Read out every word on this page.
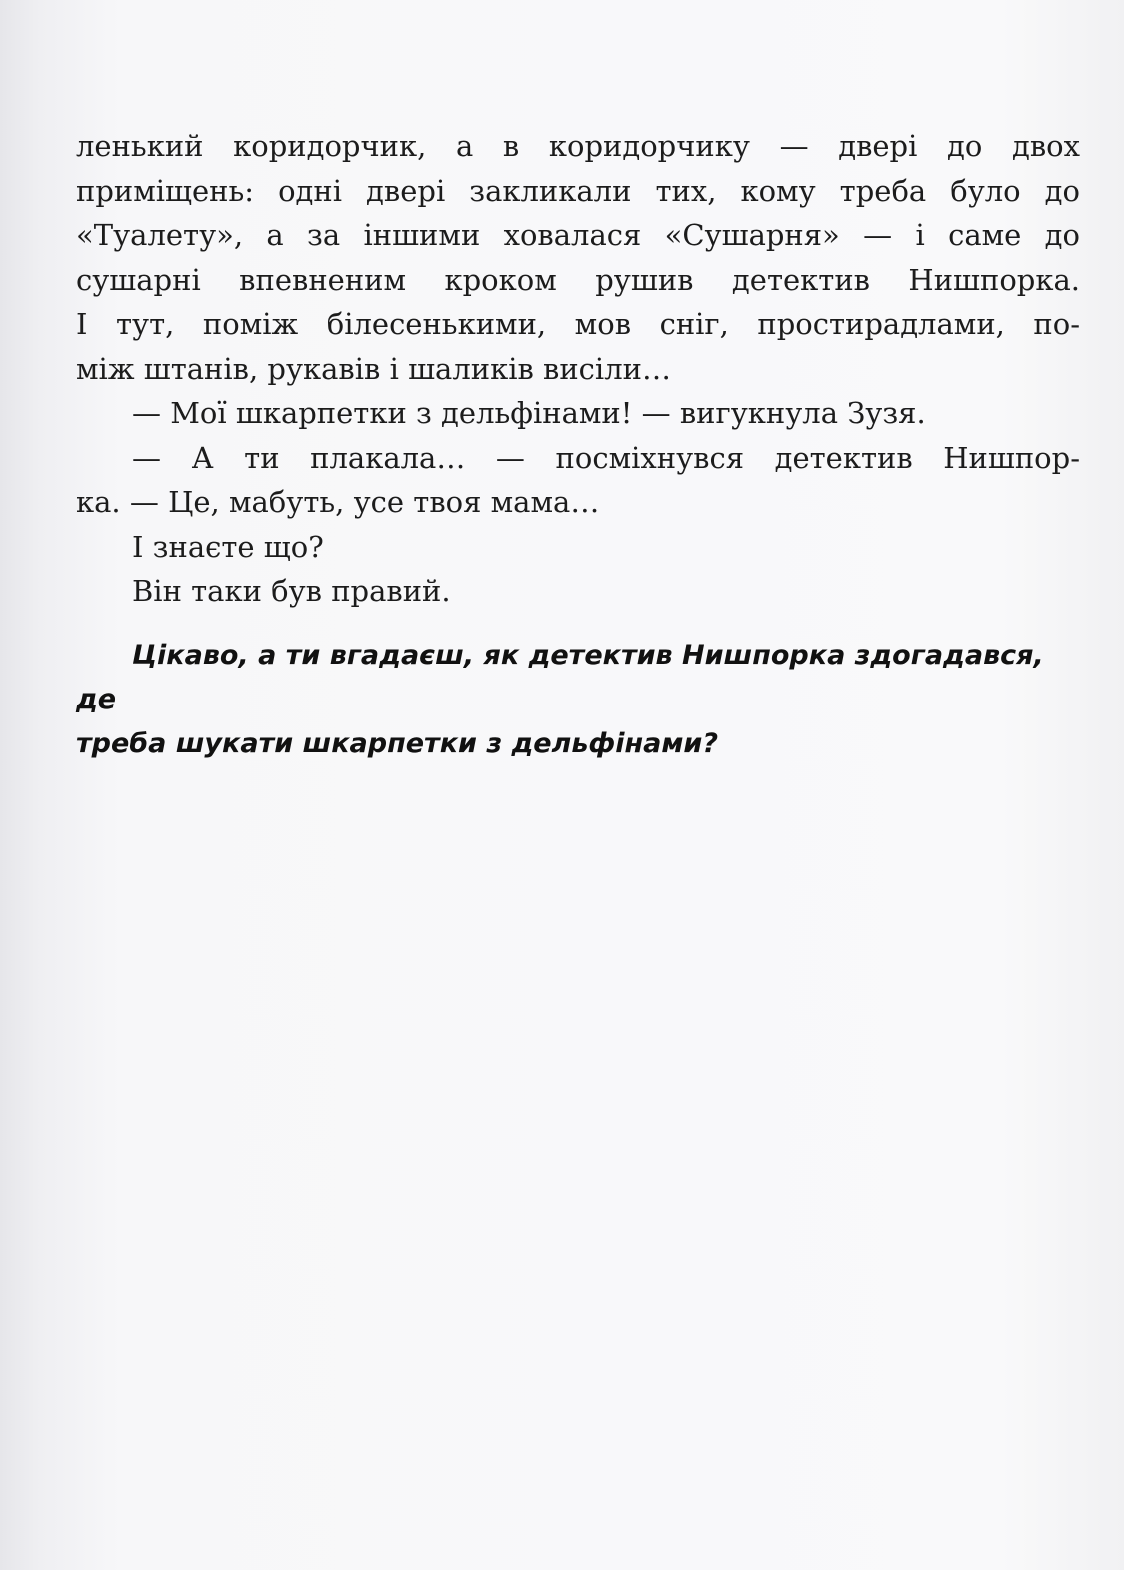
ленький коридорчик, а в коридорчику — двері до двох

приміщень: одні двері закликали тих, кому треба було до

«Туалету», а за іншими ховалася «Сушарня» — і саме до

сушарні впевненим кроком рушив детектив Нишпорка.

І тут, поміж білесенькими, мов сніг, простирадлами, по-

між штанів, рукавів і шаликів висіли…

— Мої шкарпетки з дельфінами! — вигукнула Зузя.

— А ти плакала… — посміхнувся детектив Нишпор-

ка. — Це, мабуть, усе твоя мама…

І знаєте що?

Він таки був правий.

Цікаво, а ти вгадаєш, як детектив Нишпорка здогадався, де
треба шукати шкарпетки з дельфінами?
